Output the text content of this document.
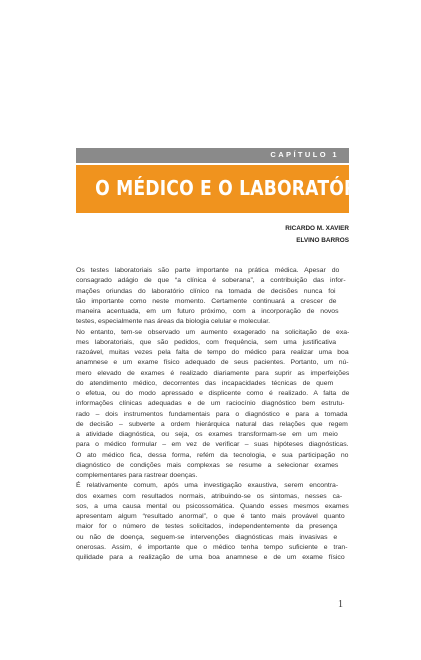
CAPÍTULO 1
O MÉDICO E O LABORATÓRIO
RICARDO M. XAVIER
ELVINO BARROS
Os testes laboratoriais são parte importante na prática médica. Apesar do
consagrado adágio de que “a clínica é soberana”, a contribuição das infor-
mações oriundas do laboratório clínico na tomada de decisões nunca foi
tão importante como neste momento. Certamente continuará a crescer de
maneira acentuada, em um futuro próximo, com a incorporação de novos
testes, especialmente nas áreas da biologia celular e molecular.
No entanto, tem-se observado um aumento exagerado na solicitação de exa-
mes laboratoriais, que são pedidos, com frequência, sem uma justificativa
razoável, muitas vezes pela falta de tempo do médico para realizar uma boa
anamnese e um exame físico adequado de seus pacientes. Portanto, um nú-
mero elevado de exames é realizado diariamente para suprir as imperfeições
do atendimento médico, decorrentes das incapacidades técnicas de quem
o efetua, ou do modo apressado e displicente como é realizado. A falta de
informações clínicas adequadas e de um raciocínio diagnóstico bem estrutu-
rado – dois instrumentos fundamentais para o diagnóstico e para a tomada
de decisão – subverte a ordem hierárquica natural das relações que regem
a atividade diagnóstica, ou seja, os exames transformam-se em um meio
para o médico formular – em vez de verificar – suas hipóteses diagnósticas.
O ato médico fica, dessa forma, refém da tecnologia, e sua participação no
diagnóstico de condições mais complexas se resume a selecionar exames
complementares para rastrear doenças.
É relativamente comum, após uma investigação exaustiva, serem encontra-
dos exames com resultados normais, atribuindo-se os sintomas, nesses ca-
sos, a uma causa mental ou psicossomática. Quando esses mesmos exames
apresentam algum “resultado anormal”, o que é tanto mais provável quanto
maior for o número de testes solicitados, independentemente da presença
ou não de doença, seguem-se intervenções diagnósticas mais invasivas e
onerosas. Assim, é importante que o médico tenha tempo suficiente e tran-
quilidade para a realização de uma boa anamnese e de um exame físico
1
